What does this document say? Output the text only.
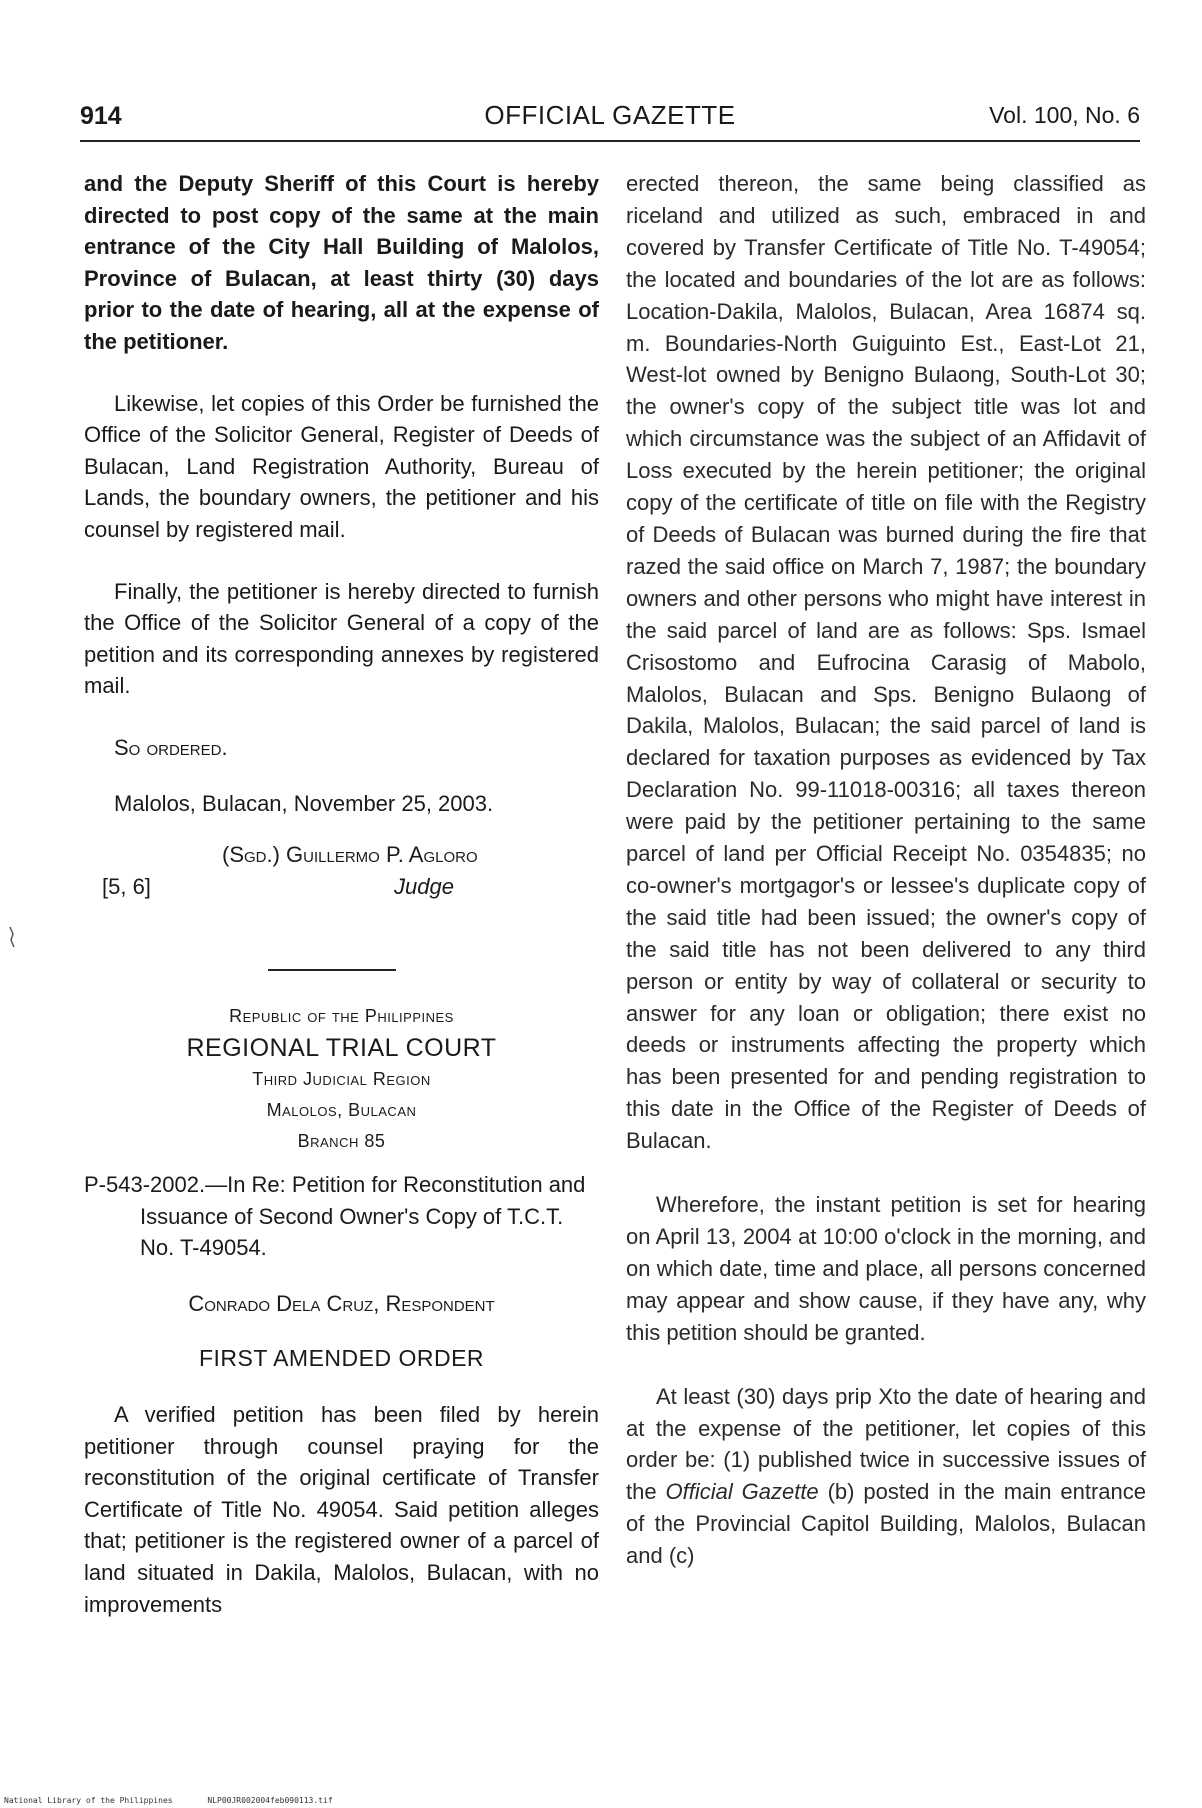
914	OFFICIAL GAZETTE	Vol. 100, No. 6

and the Deputy Sheriff of this Court is hereby directed to post copy of the same at the main entrance of the City Hall Building of Malolos, Province of Bulacan, at least thirty (30) days prior to the date of hearing, all at the expense of the petitioner.

Likewise, let copies of this Order be furnished the Office of the Solicitor General, Register of Deeds of Bulacan, Land Registration Authority, Bureau of Lands, the boundary owners, the petitioner and his counsel by registered mail.

Finally, the petitioner is hereby directed to furnish the Office of the Solicitor General of a copy of the petition and its corresponding annexes by registered mail.

So ordered.

Malolos, Bulacan, November 25, 2003.

(Sgd.) Guillermo P. Agloro
[5, 6]	Judge
Republic of the Philippines
REGIONAL TRIAL COURT
Third Judicial Region
Malolos, Bulacan
Branch 85

P-543-2002.—In Re: Petition for Reconstitution and Issuance of Second Owner's Copy of T.C.T. No. T-49054.

Conrado Dela Cruz, Respondent

FIRST AMENDED ORDER

A verified petition has been filed by herein petitioner through counsel praying for the reconstitution of the original certificate of Transfer Certificate of Title No. 49054. Said petition alleges that; petitioner is the registered owner of a parcel of land situated in Dakila, Malolos, Bulacan, with no improvements

erected thereon, the same being classified as riceland and utilized as such, embraced in and covered by Transfer Certificate of Title No. T-49054; the located and boundaries of the lot are as follows: Location-Dakila, Malolos, Bulacan, Area 16874 sq. m. Boundaries-North Guiguinto Est., East-Lot 21, West-lot owned by Benigno Bulaong, South-Lot 30; the owner's copy of the subject title was lot and which circumstance was the subject of an Affidavit of Loss executed by the herein petitioner; the original copy of the certificate of title on file with the Registry of Deeds of Bulacan was burned during the fire that razed the said office on March 7, 1987; the boundary owners and other persons who might have interest in the said parcel of land are as follows: Sps. Ismael Crisostomo and Eufrocina Carasig of Mabolo, Malolos, Bulacan and Sps. Benigno Bulaong of Dakila, Malolos, Bulacan; the said parcel of land is declared for taxation purposes as evidenced by Tax Declaration No. 99-11018-00316; all taxes thereon were paid by the petitioner pertaining to the same parcel of land per Official Receipt No. 0354835; no co-owner's mortgagor's or lessee's duplicate copy of the said title had been issued; the owner's copy of the said title has not been delivered to any third person or entity by way of collateral or security to answer for any loan or obligation; there exist no deeds or instruments affecting the property which has been presented for and pending registration to this date in the Office of the Register of Deeds of Bulacan.

Wherefore, the instant petition is set for hearing on April 13, 2004 at 10:00 o'clock in the morning, and on which date, time and place, all persons concerned may appear and show cause, if they have any, why this petition should be granted.

At least (30) days prip Xto the date of hearing and at the expense of the petitioner, let copies of this order be: (1) published twice in successive issues of the Official Gazette (b) posted in the main entrance of the Provincial Capitol Building, Malolos, Bulacan and (c)

National Library of the Philippines	NLP00JR002004feb090113.tif
